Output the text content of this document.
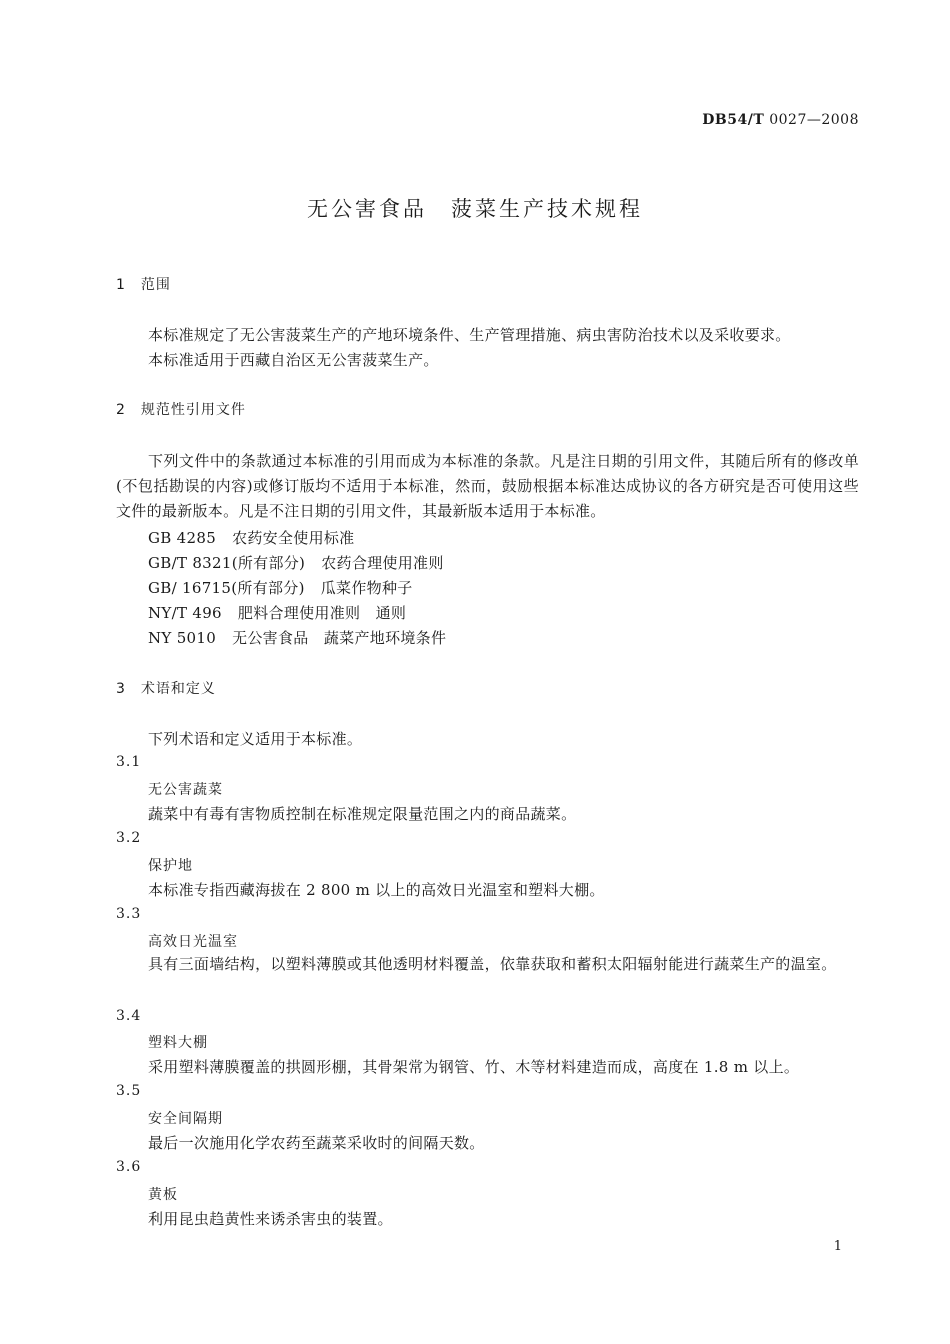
DB54/T 0027—2008
无公害食品　菠菜生产技术规程
1　范围
本标准规定了无公害菠菜生产的产地环境条件、生产管理措施、病虫害防治技术以及采收要求。
本标准适用于西藏自治区无公害菠菜生产。
2　规范性引用文件
下列文件中的条款通过本标准的引用而成为本标准的条款。凡是注日期的引用文件，其随后所有的修改单(不包括勘误的内容)或修订版均不适用于本标准，然而，鼓励根据本标准达成协议的各方研究是否可使用这些文件的最新版本。凡是不注日期的引用文件，其最新版本适用于本标准。
GB 4285 农药安全使用标准
GB/T 8321(所有部分) 农药合理使用准则
GB/ 16715(所有部分) 瓜菜作物种子
NY/T 496 肥料合理使用准则　通则
NY 5010 无公害食品　蔬菜产地环境条件
3　术语和定义
下列术语和定义适用于本标准。
3.1
无公害蔬菜
蔬菜中有毒有害物质控制在标准规定限量范围之内的商品蔬菜。
3.2
保护地
本标准专指西藏海拔在 2 800 m 以上的高效日光温室和塑料大棚。
3.3
高效日光温室
具有三面墙结构，以塑料薄膜或其他透明材料覆盖，依靠获取和蓄积太阳辐射能进行蔬菜生产的温室。
3.4
塑料大棚
采用塑料薄膜覆盖的拱圆形棚，其骨架常为钢管、竹、木等材料建造而成，高度在 1.8 m 以上。
3.5
安全间隔期
最后一次施用化学农药至蔬菜采收时的间隔天数。
3.6
黄板
利用昆虫趋黄性来诱杀害虫的装置。
1
